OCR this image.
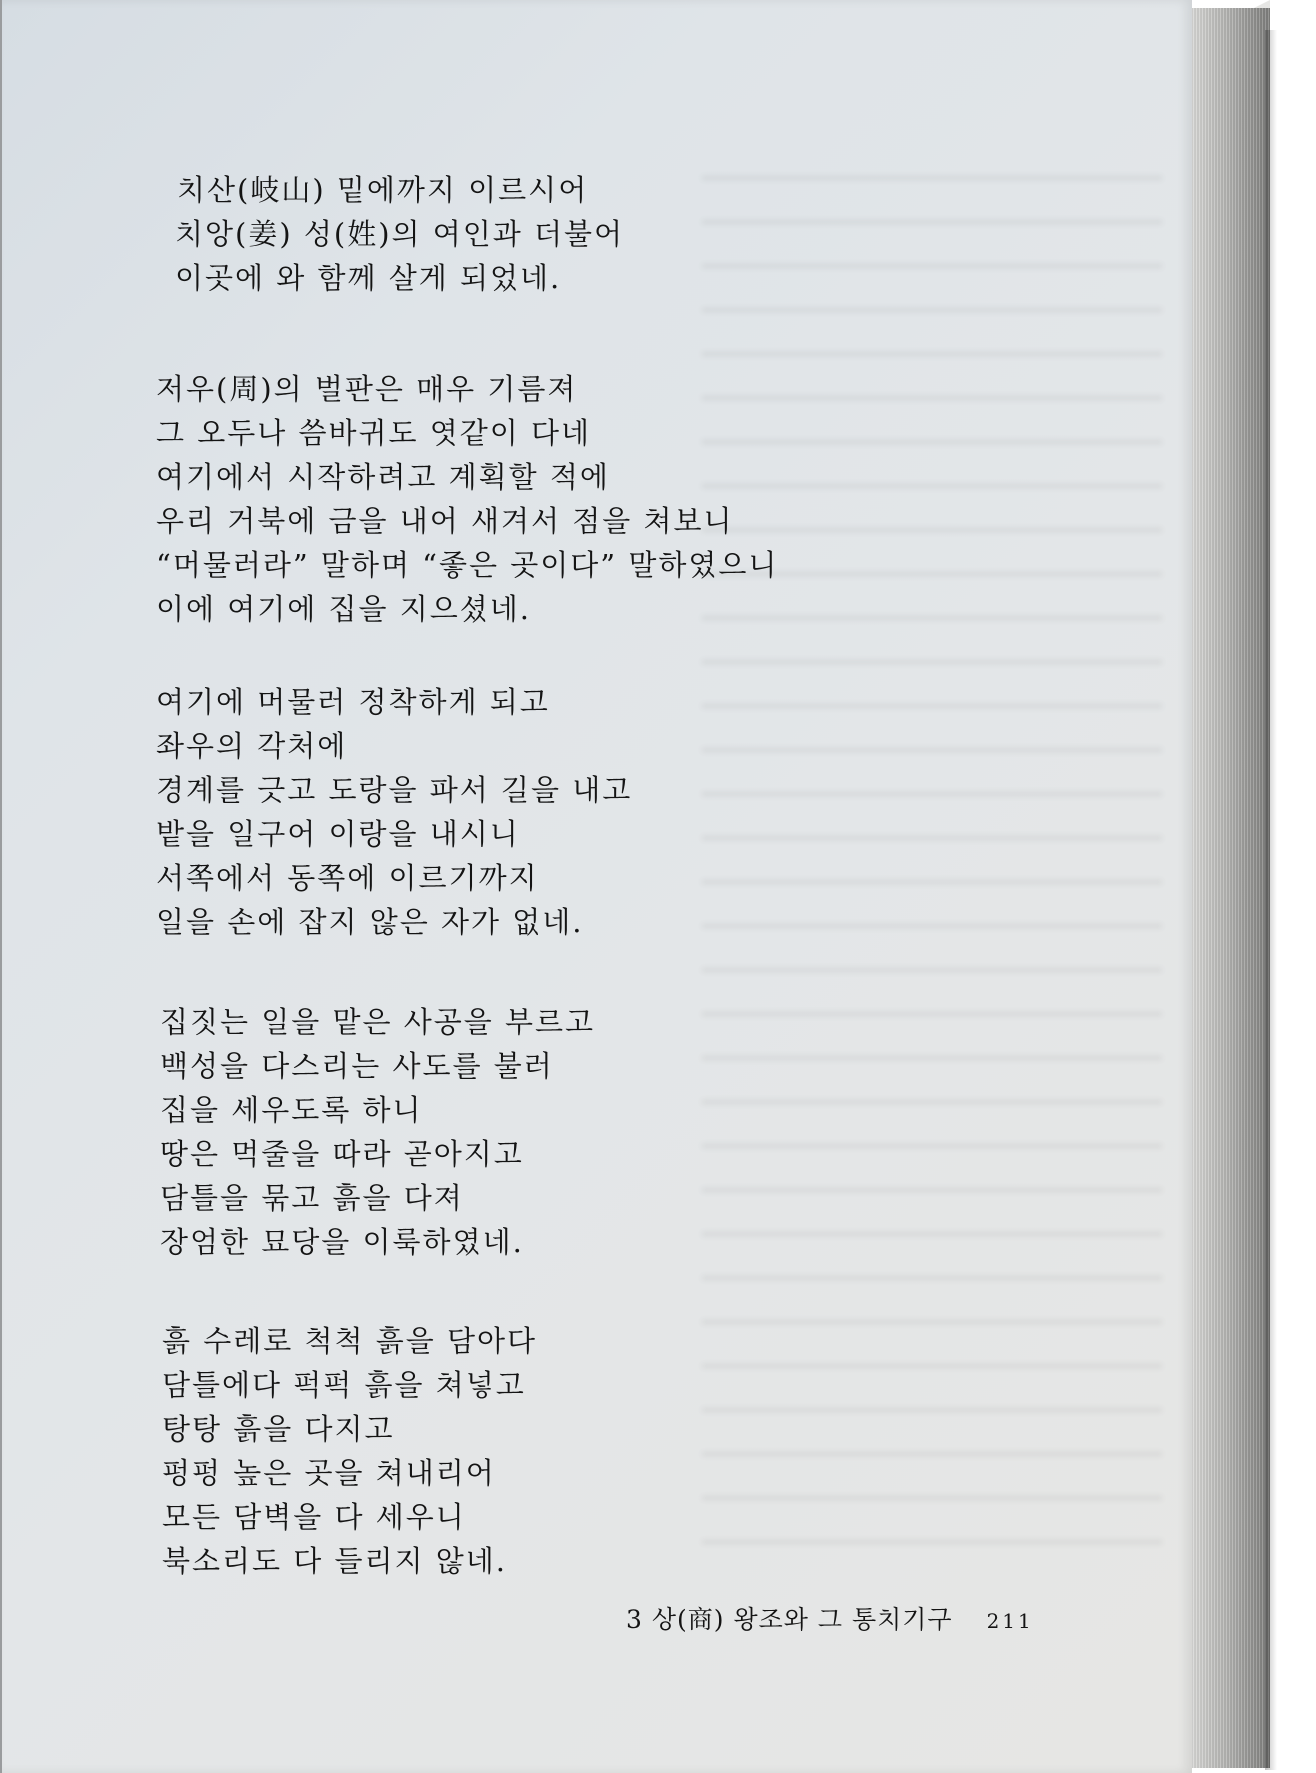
치산(岐山) 밑에까지 이르시어
치앙(姜) 성(姓)의 여인과 더불어
이곳에 와 함께 살게 되었네.
저우(周)의 벌판은 매우 기름져
그 오두나 씀바귀도 엿같이 다네
여기에서 시작하려고 계획할 적에
우리 거북에 금을 내어 새겨서 점을 쳐보니
“머물러라” 말하며 “좋은 곳이다” 말하였으니
이에 여기에 집을 지으셨네.
여기에 머물러 정착하게 되고
좌우의 각처에
경계를 긋고 도랑을 파서 길을 내고
밭을 일구어 이랑을 내시니
서쪽에서 동쪽에 이르기까지
일을 손에 잡지 않은 자가 없네.
집짓는 일을 맡은 사공을 부르고
백성을 다스리는 사도를 불러
집을 세우도록 하니
땅은 먹줄을 따라 곧아지고
담틀을 묶고 흙을 다져
장엄한 묘당을 이룩하였네.
흙 수레로 척척 흙을 담아다
담틀에다 퍽퍽 흙을 쳐넣고
탕탕 흙을 다지고
펑펑 높은 곳을 쳐내리어
모든 담벽을 다 세우니
북소리도 다 들리지 않네.
3 상(商) 왕조와 그 통치기구 211
